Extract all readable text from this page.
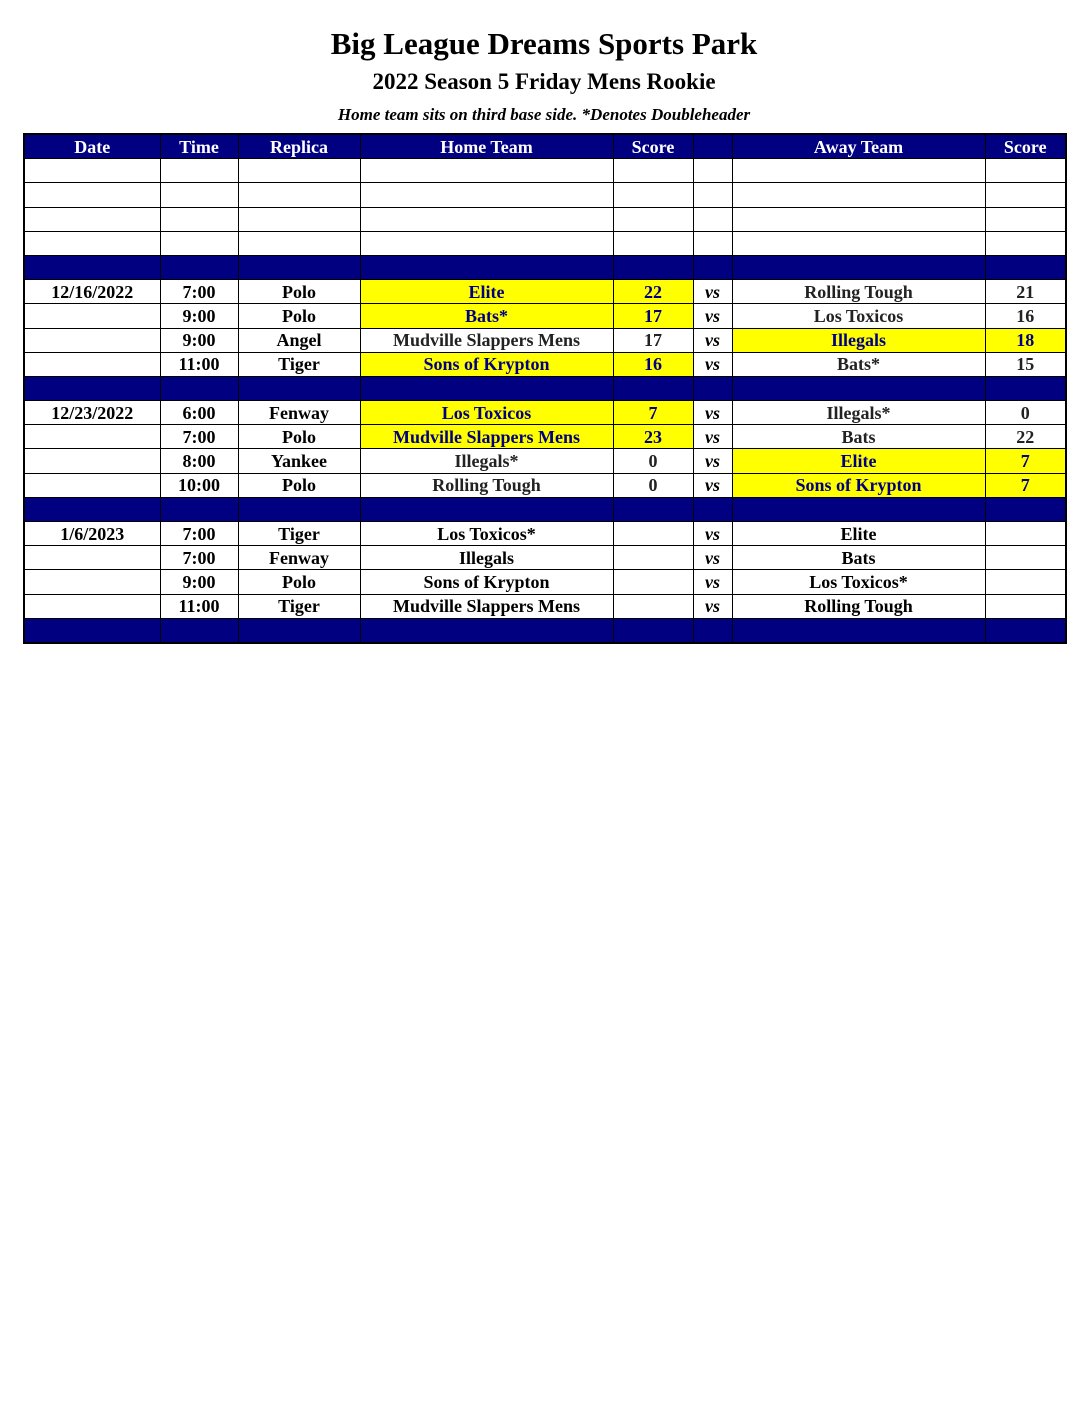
Big League Dreams Sports Park
2022 Season 5 Friday Mens Rookie
Home team sits on third base side. *Denotes Doubleheader
Date	Time	Replica	Home Team	Score		Away Team	Score

12/16/2022	7:00	Polo	Elite	22	vs	Rolling Tough	21
	9:00	Polo	Bats*	17	vs	Los Toxicos	16
	9:00	Angel	Mudville Slappers Mens	17	vs	Illegals	18
	11:00	Tiger	Sons of Krypton	16	vs	Bats*	15

12/23/2022	6:00	Fenway	Los Toxicos	7	vs	Illegals*	0
	7:00	Polo	Mudville Slappers Mens	23	vs	Bats	22
	8:00	Yankee	Illegals*	0	vs	Elite	7
	10:00	Polo	Rolling Tough	0	vs	Sons of Krypton	7

1/6/2023	7:00	Tiger	Los Toxicos*		vs	Elite	
	7:00	Fenway	Illegals		vs	Bats	
	9:00	Polo	Sons of Krypton		vs	Los Toxicos*	
	11:00	Tiger	Mudville Slappers Mens		vs	Rolling Tough	
